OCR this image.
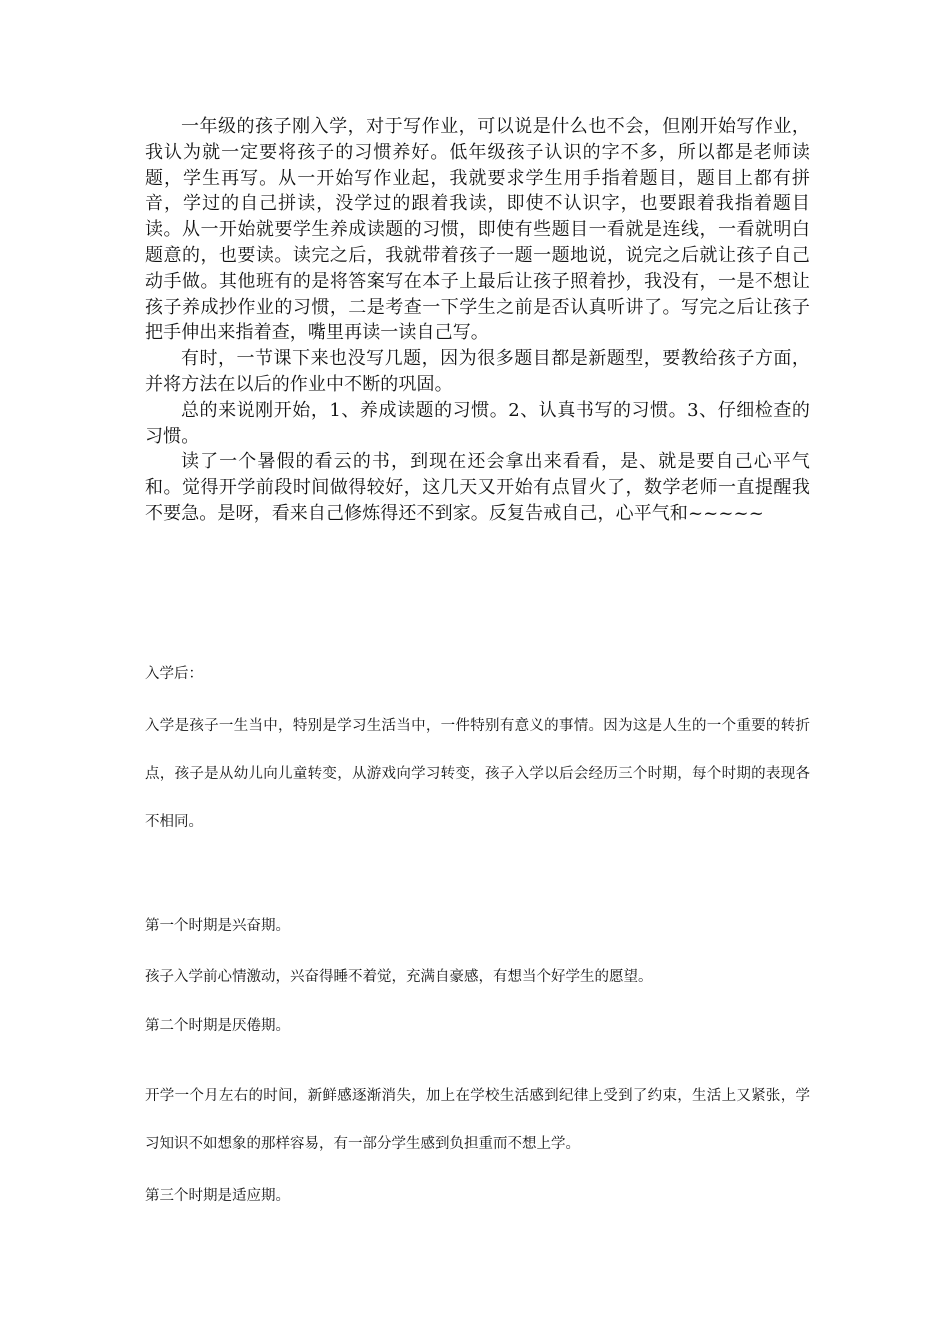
一年级的孩子刚入学，对于写作业，可以说是什么也不会，但刚开始写作业，我认为就一定要将孩子的习惯养好。低年级孩子认识的字不多，所以都是老师读题，学生再写。从一开始写作业起，我就要求学生用手指着题目，题目上都有拼音，学过的自己拼读，没学过的跟着我读，即使不认识字，也要跟着我指着题目读。从一开始就要学生养成读题的习惯，即使有些题目一看就是连线，一看就明白题意的，也要读。读完之后，我就带着孩子一题一题地说，说完之后就让孩子自己动手做。其他班有的是将答案写在本子上最后让孩子照着抄，我没有，一是不想让孩子养成抄作业的习惯，二是考查一下学生之前是否认真听讲了。写完之后让孩子把手伸出来指着查，嘴里再读一读自己写。

有时，一节课下来也没写几题，因为很多题目都是新题型，要教给孩子方面，并将方法在以后的作业中不断的巩固。

总的来说刚开始，1、养成读题的习惯。2、认真书写的习惯。3、仔细检查的习惯。

读了一个暑假的看云的书，到现在还会拿出来看看，是、就是要自己心平气和。觉得开学前段时间做得较好，这几天又开始有点冒火了，数学老师一直提醒我不要急。是呀，看来自己修炼得还不到家。反复告戒自己，心平气和~~~~~

入学后：

入学是孩子一生当中，特别是学习生活当中，一件特别有意义的事情。因为这是人生的一个重要的转折点，孩子是从幼儿向儿童转变，从游戏向学习转变，孩子入学以后会经历三个时期，每个时期的表现各不相同。

第一个时期是兴奋期。

孩子入学前心情激动，兴奋得睡不着觉，充满自豪感，有想当个好学生的愿望。

第二个时期是厌倦期。

开学一个月左右的时间，新鲜感逐渐消失，加上在学校生活感到纪律上受到了约束，生活上又紧张，学习知识不如想象的那样容易，有一部分学生感到负担重而不想上学。

第三个时期是适应期。
